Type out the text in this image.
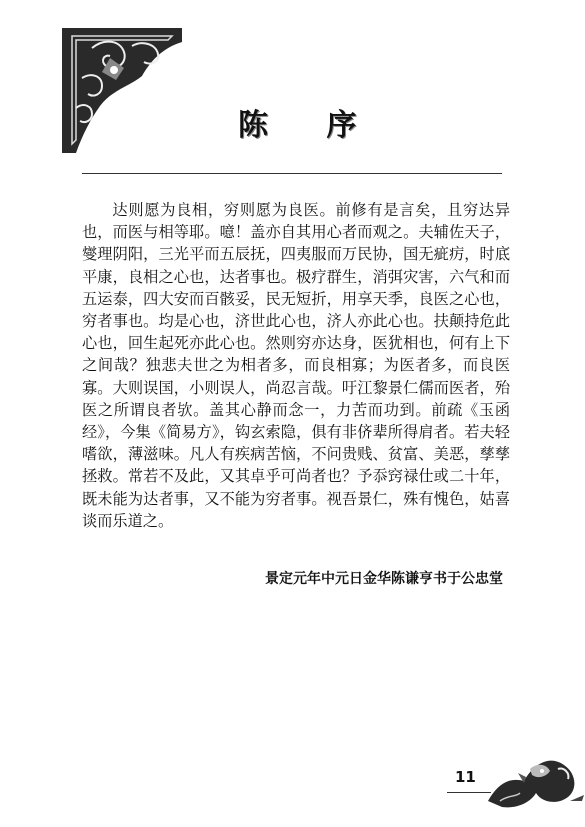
陈 序

达则愿为良相，穷则愿为良医。前修有是言矣，且穷达异也，而医与相等耶。噫！盖亦自其用心者而观之。夫辅佐天子，燮理阴阳，三光平而五辰抚，四夷服而万民协，国无疵疠，时底平康，良相之心也，达者事也。极疗群生，消弭灾害，六气和而五运泰，四大安而百骸妥，民无短折，用享天季，良医之心也，穷者事也。均是心也，济世此心也，济人亦此心也。扶颠持危此心也，回生起死亦此心也。然则穷亦达身，医犹相也，何有上下之间哉？独悲夫世之为相者多，而良相寡；为医者多，而良医寡。大则误国，小则误人，尚忍言哉。吁江黎景仁儒而医者，殆医之所谓良者欤。盖其心静而念一，力苦而功到。前疏《玉函经》，今集《简易方》，钩玄索隐，俱有非侪辈所得肩者。若夫轻嗜欲，薄滋味。凡人有疾病苦恼，不问贵贱、贫富、美恶，孳孳拯救。常若不及此，又其卓乎可尚者也？予忝窍禄仕或二十年，既未能为达者事，又不能为穷者事。视吾景仁，殊有愧色，姑喜谈而乐道之。

景定元年中元日金华陈谦亨书于公忠堂
11
